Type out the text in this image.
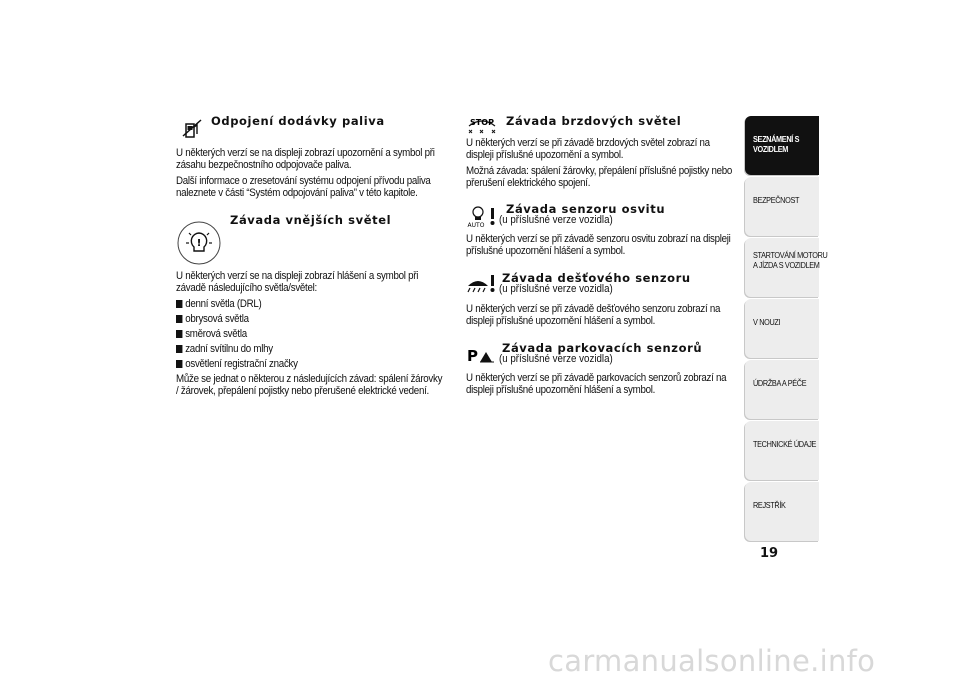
Odpojení dodávky paliva

U některých verzí se na displeji zobrazí upozornění a symbol při zásahu bezpečnostního odpojovače paliva.

Další informace o zresetování systému odpojení přívodu paliva naleznete v části “Systém odpojování paliva” v této kapitole.

!
Závada vnějších světel

U některých verzí se na displeji zobrazí hlášení a symbol při závadě následujícího světla/světel:

denní světla (DRL)
obrysová světla
směrová světla
zadní svítilnu do mlhy
osvětlení registrační značky

Může se jednat o některou z následujících závad: spálení žárovky / žárovek, přepálení pojistky nebo přerušené elektrické vedení.

STOP Závada brzdových světel

U některých verzí se při závadě brzdových světel zobrazí na displeji příslušné upozornění a symbol.

Možná závada: spálení žárovky, přepálení příslušné pojistky nebo přerušení elektrického spojení.

AUTO
Závada senzoru osvitu
(u příslušné verze vozidla)

U některých verzí se při závadě senzoru osvitu zobrazí na displeji příslušné upozornění hlášení a symbol.

Závada dešťového senzoru
(u příslušné verze vozidla)

U některých verzí se při závadě dešťového senzoru zobrazí na displeji příslušné upozornění hlášení a symbol.

P Závada parkovacích senzorů
(u příslušné verze vozidla)

U některých verzí se při závadě parkovacích senzorů zobrazí na displeji příslušné upozornění hlášení a symbol.

SEZNÁMENÍ S VOZIDLEM
BEZPEČNOST
STARTOVÁNÍ MOTORU A JÍZDA S VOZIDLEM
V NOUZI
ÚDRŽBA A PÉČE
TECHNICKÉ ÚDAJE
REJSTŘÍK
19
carmanualsonline.info
